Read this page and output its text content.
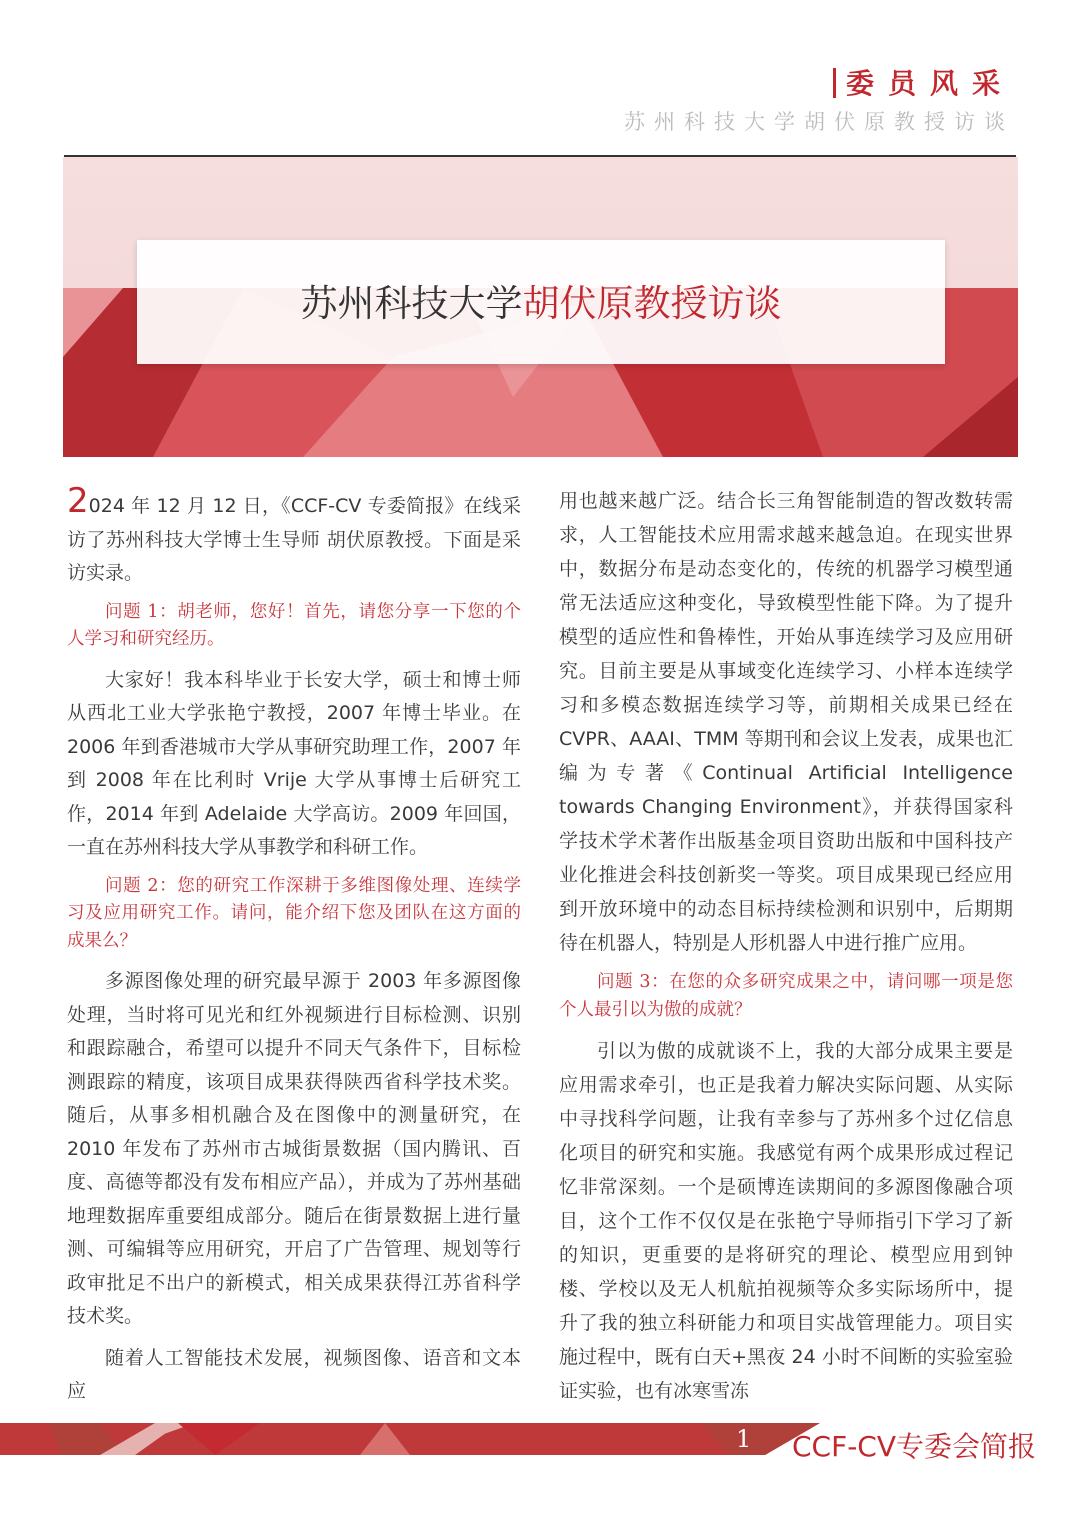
委员风采
苏州科技大学胡伏原教授访谈
苏州科技大学胡伏原教授访谈

2024 年 12 月 12 日，《CCF-CV 专委简报》在线采访了苏州科技大学博士生导师 胡伏原教授。下面是采访实录。

问题 1：胡老师，您好！首先，请您分享一下您的个人学习和研究经历。

大家好！我本科毕业于长安大学，硕士和博士师从西北工业大学张艳宁教授，2007 年博士毕业。在 2006 年到香港城市大学从事研究助理工作，2007 年到 2008 年在比利时 Vrije 大学从事博士后研究工作，2014 年到 Adelaide 大学高访。2009 年回国，一直在苏州科技大学从事教学和科研工作。

问题 2：您的研究工作深耕于多维图像处理、连续学习及应用研究工作。请问，能介绍下您及团队在这方面的成果么？

多源图像处理的研究最早源于 2003 年多源图像处理，当时将可见光和红外视频进行目标检测、识别和跟踪融合，希望可以提升不同天气条件下，目标检测跟踪的精度，该项目成果获得陕西省科学技术奖。随后，从事多相机融合及在图像中的测量研究，在 2010 年发布了苏州市古城街景数据（国内腾讯、百度、高德等都没有发布相应产品），并成为了苏州基础地理数据库重要组成部分。随后在街景数据上进行量测、可编辑等应用研究，开启了广告管理、规划等行政审批足不出户的新模式，相关成果获得江苏省科学技术奖。

随着人工智能技术发展，视频图像、语音和文本应

用也越来越广泛。结合长三角智能制造的智改数转需求，人工智能技术应用需求越来越急迫。在现实世界中，数据分布是动态变化的，传统的机器学习模型通常无法适应这种变化，导致模型性能下降。为了提升模型的适应性和鲁棒性，开始从事连续学习及应用研究。目前主要是从事域变化连续学习、小样本连续学习和多模态数据连续学习等，前期相关成果已经在 CVPR、AAAI、TMM 等期刊和会议上发表，成果也汇编为专著《Continual Artificial Intelligence towards Changing Environment》，并获得国家科学技术学术著作出版基金项目资助出版和中国科技产业化推进会科技创新奖一等奖。项目成果现已经应用到开放环境中的动态目标持续检测和识别中，后期期待在机器人，特别是人形机器人中进行推广应用。

问题 3：在您的众多研究成果之中，请问哪一项是您个人最引以为傲的成就？

引以为傲的成就谈不上，我的大部分成果主要是应用需求牵引，也正是我着力解决实际问题、从实际中寻找科学问题，让我有幸参与了苏州多个过亿信息化项目的研究和实施。我感觉有两个成果形成过程记忆非常深刻。一个是硕博连读期间的多源图像融合项目，这个工作不仅仅是在张艳宁导师指引下学习了新的知识，更重要的是将研究的理论、模型应用到钟楼、学校以及无人机航拍视频等众多实际场所中，提升了我的独立科研能力和项目实战管理能力。项目实施过程中，既有白天+黑夜 24 小时不间断的实验室验证实验，也有冰寒雪冻

1 CCF-CV专委会简报
